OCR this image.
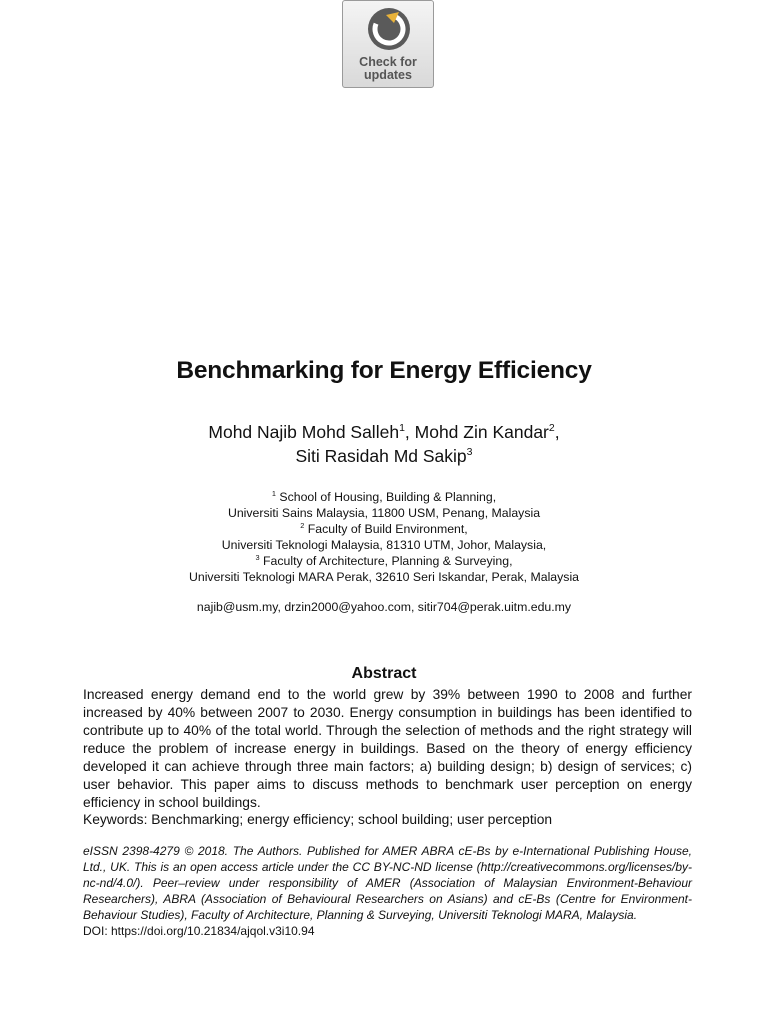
Check for
updates
Benchmarking for Energy Efficiency
Mohd Najib Mohd Salleh$^1$, Mohd Zin Kandar$^2$,
Siti Rasidah Md Sakip$^3$
$^1$ School of Housing, Building & Planning,
Universiti Sains Malaysia, 11800 USM, Penang, Malaysia
$^2$ Faculty of Build Environment,
Universiti Teknologi Malaysia, 81310 UTM, Johor, Malaysia,
$^3$ Faculty of Architecture, Planning & Surveying,
Universiti Teknologi MARA Perak, 32610 Seri Iskandar, Perak, Malaysia
najib@usm.my, drzin2000@yahoo.com, sitir704@perak.uitm.edu.my
Abstract
Increased energy demand end to the world grew by 39% between 1990 to 2008 and further increased by 40% between 2007 to 2030. Energy consumption in buildings has been identified to contribute up to 40% of the total world. Through the selection of methods and the right strategy will reduce the problem of increase energy in buildings. Based on the theory of energy efficiency developed it can achieve through three main factors; a) building design; b) design of services; c) user behavior. This paper aims to discuss methods to benchmark user perception on energy efficiency in school buildings.
Keywords: Benchmarking; energy efficiency; school building; user perception
eISSN 2398-4279 © 2018. The Authors. Published for AMER ABRA cE-Bs by e-International Publishing House, Ltd., UK. This is an open access article under the CC BY-NC-ND license (http://creativecommons.org/licenses/by-nc-nd/4.0/). Peer–review under responsibility of AMER (Association of Malaysian Environment-Behaviour Researchers), ABRA (Association of Behavioural Researchers on Asians) and cE-Bs (Centre for Environment-Behaviour Studies), Faculty of Architecture, Planning & Surveying, Universiti Teknologi MARA, Malaysia.
DOI: https://doi.org/10.21834/ajqol.v3i10.94
